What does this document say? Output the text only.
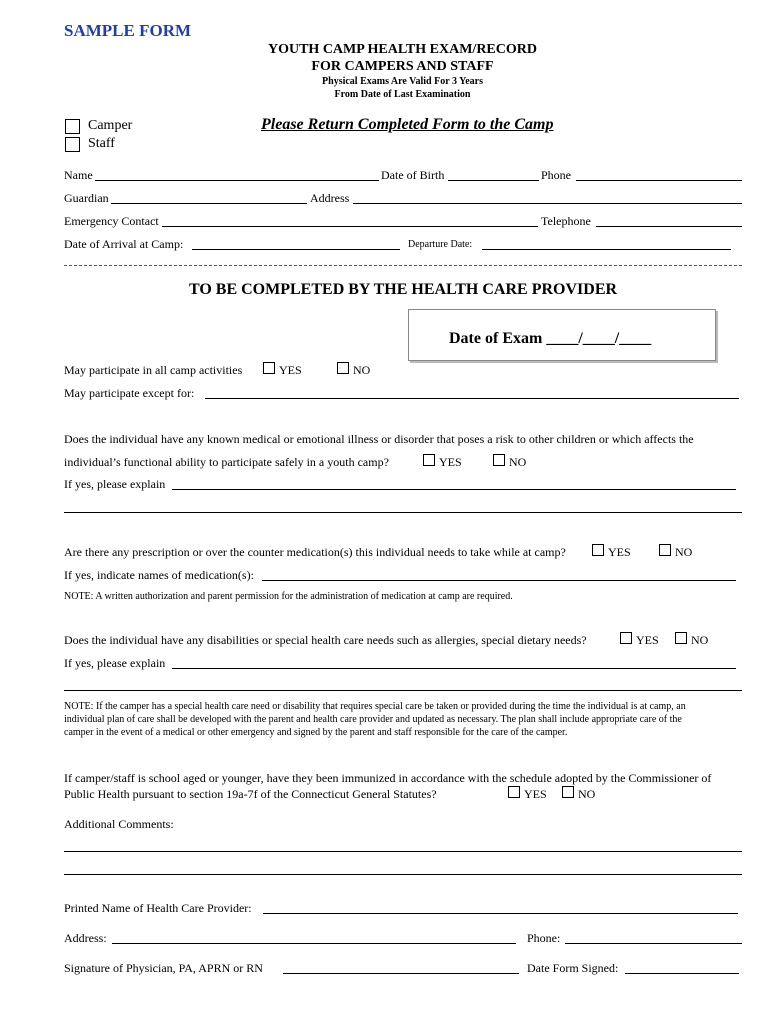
SAMPLE FORM
YOUTH CAMP HEALTH EXAM/RECORD
FOR CAMPERS AND STAFF
Physical Exams Are Valid For 3 Years
From Date of Last Examination
Camper
Staff
Please Return Completed Form to the Camp
Name	Date of Birth	Phone
Guardian	Address
Emergency Contact	Telephone
Date of Arrival at Camp:	Departure Date:
TO BE COMPLETED BY THE HEALTH CARE PROVIDER
Date of Exam ____/____/____
May participate in all camp activities	YES	NO
May participate except for:
Does the individual have any known medical or emotional illness or disorder that poses a risk to other children or which affects the
individual’s functional ability to participate safely in a youth camp?	YES	NO
If yes, please explain
Are there any prescription or over the counter medication(s) this individual needs to take while at camp?	YES	NO
If yes, indicate names of medication(s):
NOTE: A written authorization and parent permission for the administration of medication at camp are required.
Does the individual have any disabilities or special health care needs such as allergies, special dietary needs?	YES	NO
If yes, please explain
NOTE: If the camper has a special health care need or disability that requires special care be taken or provided during the time the individual is at camp, an
individual plan of care shall be developed with the parent and health care provider and updated as necessary. The plan shall include appropriate care of the
camper in the event of a medical or other emergency and signed by the parent and staff responsible for the care of the camper.
If camper/staff is school aged or younger, have they been immunized in accordance with the schedule adopted by the Commissioner of
Public Health pursuant to section 19a-7f of the Connecticut General Statutes?	YES	NO
Additional Comments:
Printed Name of Health Care Provider:
Address:	Phone:
Signature of Physician, PA, APRN or RN	Date Form Signed:
